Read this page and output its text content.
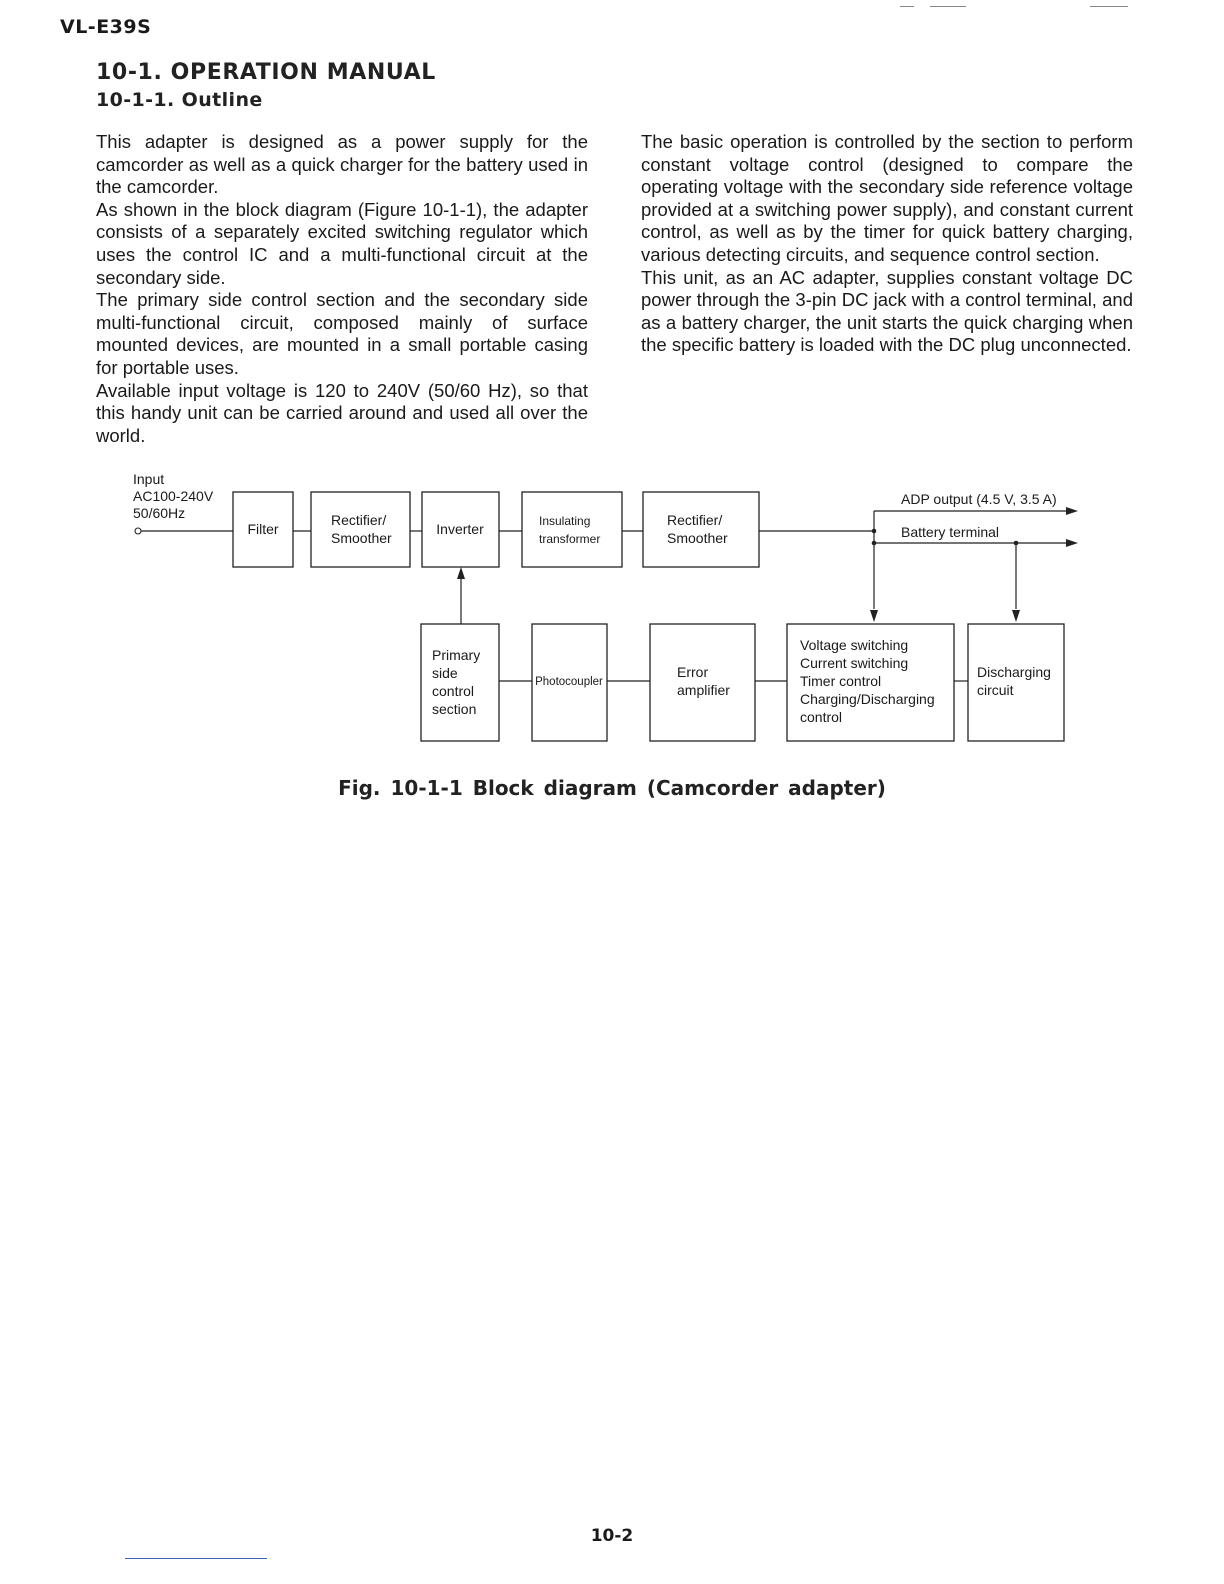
VL-E39S
10-1. OPERATION MANUAL
10-1-1. Outline

This adapter is designed as a power supply for the camcorder as well as a quick charger for the battery used in the camcorder.

As shown in the block diagram (Figure 10-1-1), the adapter consists of a separately excited switching regulator which uses the control IC and a multi-functional circuit at the secondary side.

The primary side control section and the secondary side multi-functional circuit, composed mainly of surface mounted devices, are mounted in a small portable casing for portable uses.

Available input voltage is 120 to 240V (50/60 Hz), so that this handy unit can be carried around and used all over the world.

The basic operation is controlled by the section to perform constant voltage control (designed to compare the operating voltage with the secondary side reference voltage provided at a switching power supply), and constant current control, as well as by the timer for quick battery charging, various detecting circuits, and sequence control section.

This unit, as an AC adapter, supplies constant voltage DC power through the 3-pin DC jack with a control terminal, and as a battery charger, the unit starts the quick charging when the specific battery is loaded with the DC plug unconnected.

Input
AC100-240V
50/60Hz
ADP output (4.5 V, 3.5 A)
Battery terminal
Filter
Rectifier/
Smoother
Inverter	Insulating
transformer
Rectifier/
Smoother
Primary
side
control
section
Photocoupler
Error
amplifier
Voltage switching
Current switching
Timer control
Charging/Discharging
control
Discharging
circuit
Fig. 10-1-1 Block diagram (Camcorder adapter)
10-2
